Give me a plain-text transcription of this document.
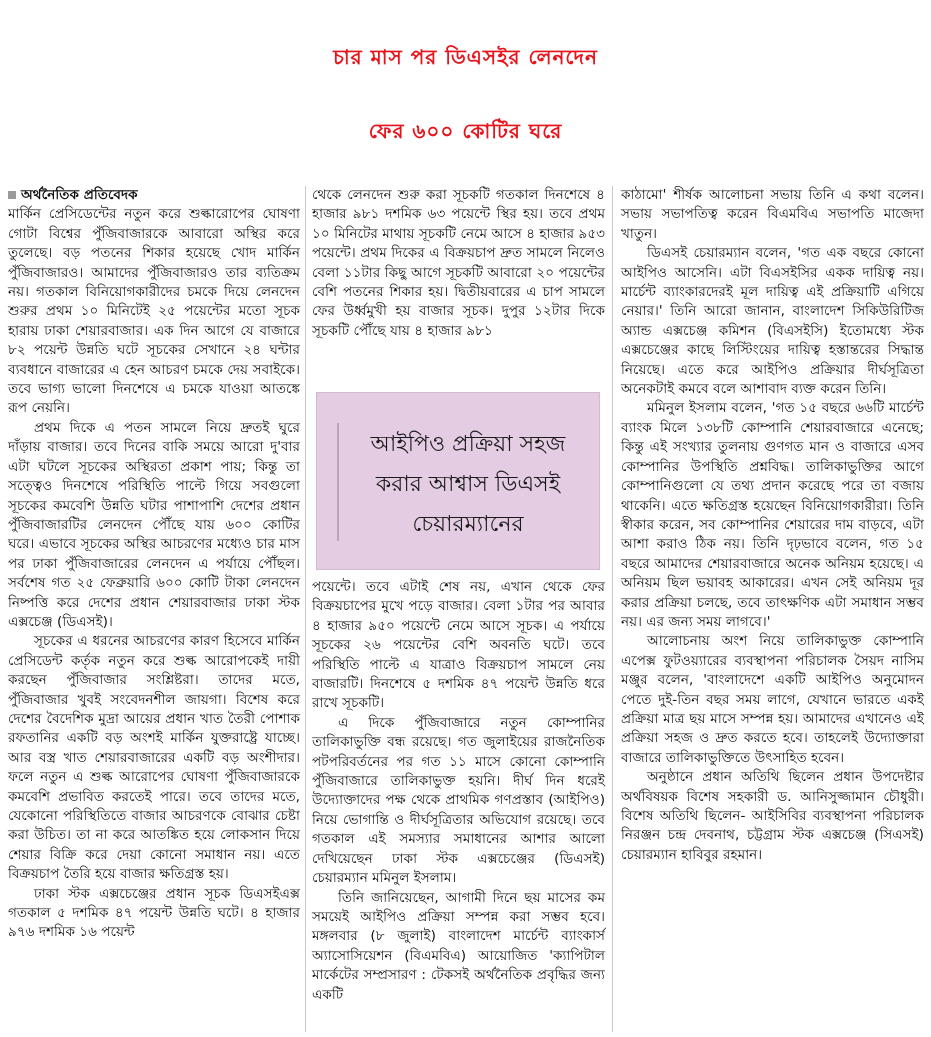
চার মাস পর ডিএসইর লেনদেন
ফের ৬০০ কোটির ঘরে
অর্থনৈতিক প্রতিবেদক

মার্কিন প্রেসিডেন্টের নতুন করে শুল্কারোপের ঘোষণা গোটা বিশ্বের পুঁজিবাজারকে আবারো অস্থির করে তুলেছে। বড় পতনের শিকার হয়েছে খোদ মার্কিন পুঁজিবাজারও। আমাদের পুঁজিবাজারও তার ব্যতিক্রম নয়। গতকাল বিনিয়োগকারীদের চমকে দিয়ে লেনদেন শুরুর প্রথম ১০ মিনিটেই ২৫ পয়েন্টের মতো সূচক হারায় ঢাকা শেয়ারবাজার। এক দিন আগে যে বাজারে ৮২ পয়েন্ট উন্নতি ঘটে সূচকের সেখানে ২৪ ঘন্টার ব্যবধানে বাজারের এ হেন আচরণ চমকে দেয় সবাইকে। তবে ভাগ্য ভালো দিনশেষে এ চমকে যাওয়া আতঙ্কে রূপ নেয়নি।

প্রথম দিকে এ পতন সামলে নিয়ে দ্রুতই ঘুরে দাঁড়ায় বাজার। তবে দিনের বাকি সময়ে আরো দু'বার এটা ঘটলে সূচকের অস্থিরতা প্রকাশ পায়; কিন্তু তা সত্ত্বেও দিনশেষে পরিস্থিতি পাল্টে গিয়ে সবগুলো সূচকের কমবেশি উন্নতি ঘটার পাশাপাশি দেশের প্রধান পুঁজিবাজারটির লেনদেন পৌঁছে যায় ৬০০ কোটির ঘরে। এভাবে সূচকের অস্থির আচরণের মধ্যেও চার মাস পর ঢাকা পুঁজিবাজারের লেনদেন এ পর্যায়ে পৌঁছল। সর্বশেষ গত ২৫ ফেব্রুয়ারি ৬০০ কোটি টাকা লেনদেন নিষ্পত্তি করে দেশের প্রধান শেয়ারবাজার ঢাকা স্টক এক্সচেঞ্জ (ডিএসই)।

সূচকের এ ধরনের আচরণের কারণ হিসেবে মার্কিন প্রেসিডেন্ট কর্তৃক নতুন করে শুল্ক আরোপকেই দায়ী করছেন পুঁজিবাজার সংশ্লিষ্টরা। তাদের মতে, পুঁজিবাজার খুবই সংবেদনশীল জায়গা। বিশেষ করে দেশের বৈদেশিক মুদ্রা আয়ের প্রধান খাত তৈরী পোশাক রফতানির একটি বড় অংশই মার্কিন যুক্তরাষ্ট্রে যাচ্ছে। আর বস্ত্র খাত শেয়ারবাজারের একটি বড় অংশীদার। ফলে নতুন এ শুল্ক আরোপের ঘোষণা পুঁজিবাজারকে কমবেশি প্রভাবিত করতেই পারে। তবে তাদের মতে, যেকোনো পরিস্থিতিতে বাজার আচরণকে বোঝার চেষ্টা করা উচিত। তা না করে আতঙ্কিত হয়ে লোকসান দিয়ে শেয়ার বিক্রি করে দেয়া কোনো সমাধান নয়। এতে বিক্রয়চাপ তৈরি হয়ে বাজার ক্ষতিগ্রস্ত হয়।

ঢাকা স্টক এক্সচেঞ্জের প্রধান সূচক ডিএসইএক্স গতকাল ৫ দশমিক ৪৭ পয়েন্ট উন্নতি ঘটে। ৪ হাজার ৯৭৬ দশমিক ১৬ পয়েন্ট

থেকে লেনদেন শুরু করা সূচকটি গতকাল দিনশেষে ৪ হাজার ৯৮১ দশমিক ৬৩ পয়েন্টে স্থির হয়। তবে প্রথম ১০ মিনিটের মাথায় সূচকটি নেমে আসে ৪ হাজার ৯৫৩ পয়েন্টে। প্রথম দিকের এ বিক্রয়চাপ দ্রুত সামলে নিলেও বেলা ১১টার কিছু আগে সূচকটি আবারো ২০ পয়েন্টের বেশি পতনের শিকার হয়। দ্বিতীয়বারের এ চাপ সামলে ফের উর্ধ্বমুখী হয় বাজার সূচক। দুপুর ১২টার দিকে সূচকটি পৌঁছে যায় ৪ হাজার ৯৮১

আইপিও প্রক্রিয়া সহজ করার আশ্বাস ডিএসই চেয়ারম্যানের

পয়েন্টে। তবে এটাই শেষ নয়, এখান থেকে ফের বিক্রয়চাপের মুখে পড়ে বাজার। বেলা ১টার পর আবার ৪ হাজার ৯৫০ পয়েন্টে নেমে আসে সূচক। এ পর্যায়ে সূচকের ২৬ পয়েন্টের বেশি অবনতি ঘটে। তবে পরিস্থিতি পাল্টে এ যাত্রাও বিক্রয়চাপ সামলে নেয় বাজারটি। দিনশেষে ৫ দশমিক ৪৭ পয়েন্ট উন্নতি ধরে রাখে সূচকটি।

এ দিকে পুঁজিবাজারে নতুন কোম্পানির তালিকাভুক্তি বন্ধ রয়েছে। গত জুলাইয়ের রাজনৈতিক পটপরিবর্তনের পর গত ১১ মাসে কোনো কোম্পানি পুঁজিবাজারে তালিকাভুক্ত হয়নি। দীর্ঘ দিন ধরেই উদ্যোক্তাদের পক্ষ থেকে প্রাথমিক গণপ্রস্তাব (আইপিও) নিয়ে ভোগান্তি ও দীর্ঘসূত্রিতার অভিযোগ রয়েছে। তবে গতকাল এই সমস্যার সমাধানের আশার আলো দেখিয়েছেন ঢাকা স্টক এক্সচেঞ্জের (ডিএসই) চেয়ারম্যান মমিনুল ইসলাম।

তিনি জানিয়েছেন, আগামী দিনে ছয় মাসের কম সময়েই আইপিও প্রক্রিয়া সম্পন্ন করা সম্ভব হবে। মঙ্গলবার (৮ জুলাই) বাংলাদেশ মার্চেন্ট ব্যাংকার্স অ্যাসোসিয়েশন (বিএমবিএ) আয়োজিত 'ক্যাপিটাল মার্কেটের সম্প্রসারণ : টেকসই অর্থনৈতিক প্রবৃদ্ধির জন্য একটি

কাঠামো' শীর্ষক আলোচনা সভায় তিনি এ কথা বলেন। সভায় সভাপতিত্ব করেন বিএমবিএ সভাপতি মাজেদা খাতুন।

ডিএসই চেয়ারম্যান বলেন, 'গত এক বছরে কোনো আইপিও আসেনি। এটা বিএসইসির একক দায়িত্ব নয়। মার্চেন্ট ব্যাংকারদেরই মূল দায়িত্ব এই প্রক্রিয়াটি এগিয়ে নেয়ার।' তিনি আরো জানান, বাংলাদেশ সিকিউরিটিজ অ্যান্ড এক্সচেঞ্জ কমিশন (বিএসইসি) ইতোমধ্যে স্টক এক্সচেঞ্জের কাছে লিস্টিংয়ের দায়িত্ব হস্তান্তরের সিদ্ধান্ত নিয়েছে। এতে করে আইপিও প্রক্রিয়ার দীর্ঘসূত্রিতা অনেকটাই কমবে বলে আশাবাদ ব্যক্ত করেন তিনি।

মমিনুল ইসলাম বলেন, 'গত ১৫ বছরে ৬৬টি মার্চেন্ট ব্যাংক মিলে ১৩৮টি কোম্পানি শেয়ারবাজারে এনেছে; কিন্তু এই সংখ্যার তুলনায় গুণগত মান ও বাজারে এসব কোম্পানির উপস্থিতি প্রশ্নবিদ্ধ। তালিকাভুক্তির আগে কোম্পানিগুলো যে তথ্য প্রদান করেছে পরে তা বজায় থাকেনি। এতে ক্ষতিগ্রস্ত হয়েছেন বিনিয়োগকারীরা। তিনি স্বীকার করেন, সব কোম্পানির শেয়ারের দাম বাড়বে, এটা আশা করাও ঠিক নয়। তিনি দৃঢ়ভাবে বলেন, গত ১৫ বছরে আমাদের শেয়ারবাজারে অনেক অনিয়ম হয়েছে। এ অনিয়ম ছিল ভয়াবহ আকারের। এখন সেই অনিয়ম দূর করার প্রক্রিয়া চলছে, তবে তাৎক্ষণিক এটা সমাধান সম্ভব নয়। এর জন্য সময় লাগবে।'

আলোচনায় অংশ নিয়ে তালিকাভুক্ত কোম্পানি এপেক্স ফুটওয়্যারের ব্যবস্থাপনা পরিচালক সৈয়দ নাসিম মঞ্জুর বলেন, 'বাংলাদেশে একটি আইপিও অনুমোদন পেতে দুই-তিন বছর সময় লাগে, যেখানে ভারতে একই প্রক্রিয়া মাত্র ছয় মাসে সম্পন্ন হয়। আমাদের এখানেও এই প্রক্রিয়া সহজ ও দ্রুত করতে হবে। তাহলেই উদ্যোক্তারা বাজারে তালিকাভুক্তিতে উৎসাহিত হবেন।

অনুষ্ঠানে প্রধান অতিথি ছিলেন প্রধান উপদেষ্টার অর্থবিষয়ক বিশেষ সহকারী ড. আনিসুজ্জামান চৌধুরী। বিশেষ অতিথি ছিলেন- আইসিবির ব্যবস্থাপনা পরিচালক নিরঞ্জন চন্দ্র দেবনাথ, চট্টগ্রাম স্টক এক্সচেঞ্জ (সিএসই) চেয়ারম্যান হাবিবুর রহমান।
